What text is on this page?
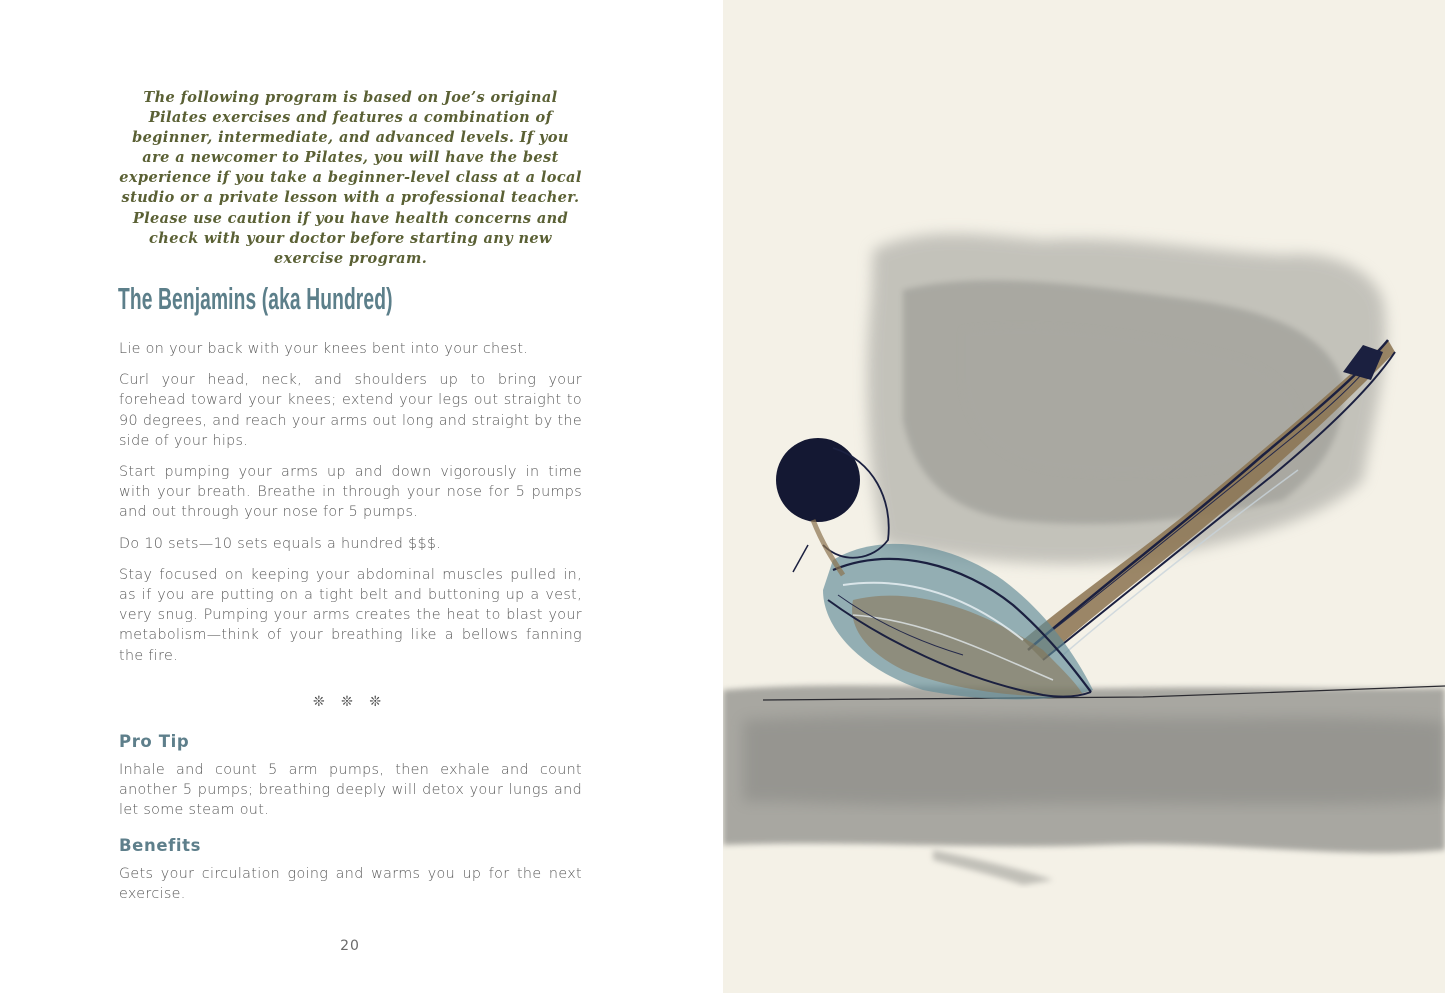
The following program is based on Joe’s original Pilates exercises and features a combination of beginner, intermediate, and advanced levels. If you are a newcomer to Pilates, you will have the best experience if you take a beginner-level class at a local studio or a private lesson with a professional teacher. Please use caution if you have health concerns and check with your doctor before starting any new exercise program.

The Benjamins (aka Hundred)

Lie on your back with your knees bent into your chest.

Curl your head, neck, and shoulders up to bring your forehead toward your knees; extend your legs out straight to 90 degrees, and reach your arms out long and straight by the side of your hips.

Start pumping your arms up and down vigorously in time with your breath. Breathe in through your nose for 5 pumps and out through your nose for 5 pumps.

Do 10 sets—10 sets equals a hundred $$$.

Stay focused on keeping your abdominal muscles pulled in, as if you are putting on a tight belt and buttoning up a vest, very snug. Pumping your arms creates the heat to blast your metabolism—think of your breathing like a bellows fanning the fire.

❊ ❊ ❊
Pro Tip

Inhale and count 5 arm pumps, then exhale and count another 5 pumps; breathing deeply will detox your lungs and let some steam out.

Benefits

Gets your circulation going and warms you up for the next exercise.

20
